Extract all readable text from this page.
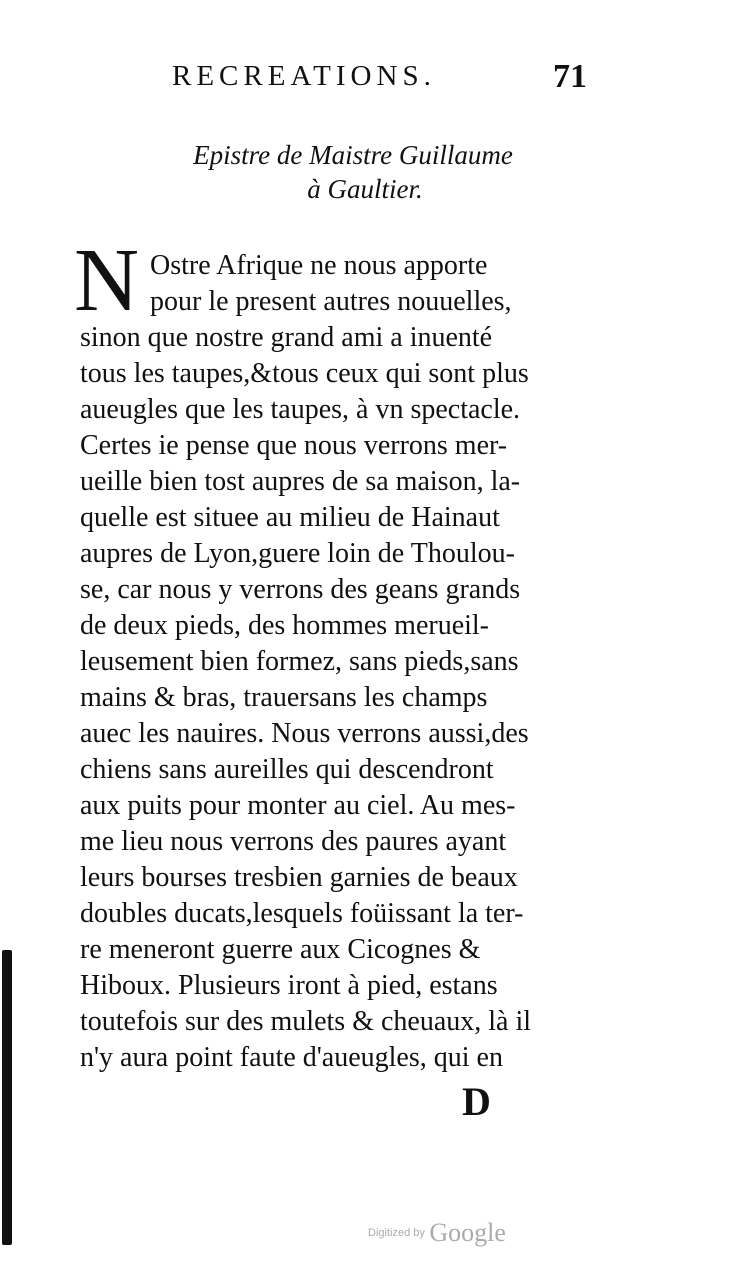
RECREATIONS.	71
Epistre de Maistre Guillaume
à Gaultier.
N Ostre Afrique ne nous apporte
pour le present autres nouuelles,
sinon que nostre grand ami a inuenté
tous les taupes,&tous ceux qui sont plus
aueugles que les taupes, à vn spectacle.
Certes ie pense que nous verrons mer-
ueille bien tost aupres de sa maison, la-
quelle est situee au milieu de Hainaut
aupres de Lyon,guere loin de Thoulou-
se, car nous y verrons des geans grands
de deux pieds, des hommes merueil-
leusement bien formez, sans pieds,sans
mains & bras, trauersans les champs
auec les nauires. Nous verrons aussi,des
chiens sans aureilles qui descendront
aux puits pour monter au ciel. Au mes-
me lieu nous verrons des paures ayant
leurs bourses tresbien garnies de beaux
doubles ducats,lesquels foüissant la ter-
re meneront guerre aux Cicognes &
Hiboux. Plusieurs iront à pied, estans
toutefois sur des mulets & cheuaux, là il
n'y aura point faute d'aueugles, qui en
D
Digitized by Google
